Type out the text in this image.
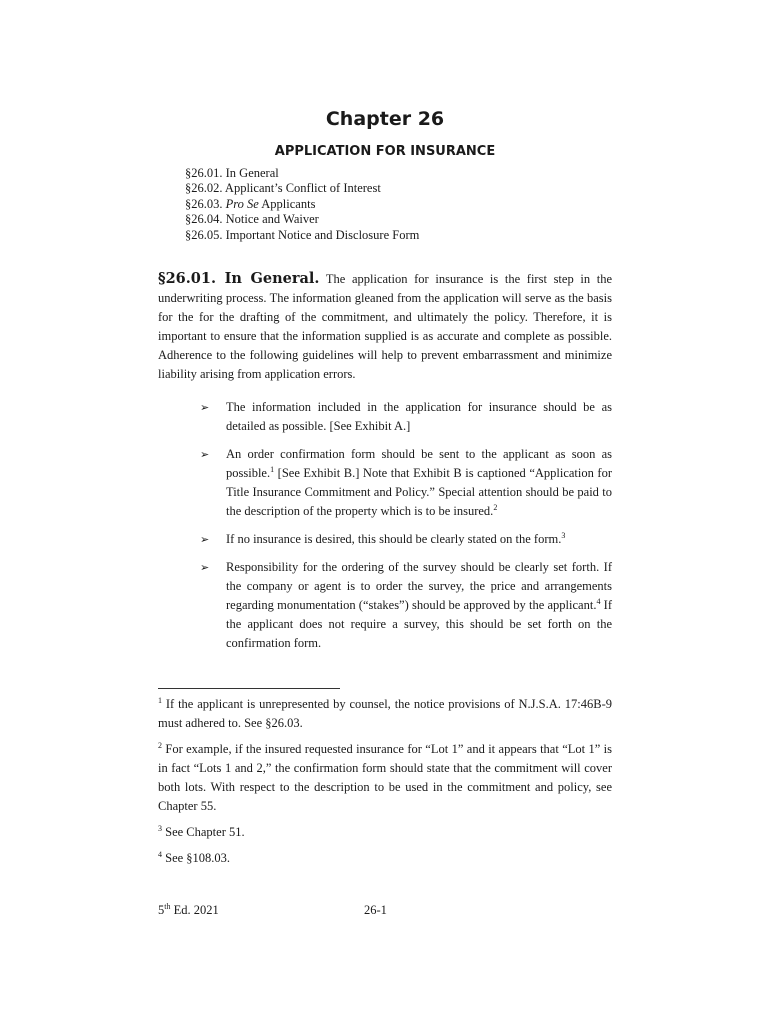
Chapter 26
APPLICATION FOR INSURANCE
§26.01. In General
§26.02. Applicant’s Conflict of Interest
§26.03. Pro Se Applicants
§26.04. Notice and Waiver
§26.05. Important Notice and Disclosure Form
§26.01. In General. The application for insurance is the first step in the underwriting process. The information gleaned from the application will serve as the basis for the for the drafting of the commitment, and ultimately the policy. Therefore, it is important to ensure that the information supplied is as accurate and complete as possible. Adherence to the following guidelines will help to prevent embarrassment and minimize liability arising from application errors.
➢ The information included in the application for insurance should be as detailed as possible. [See Exhibit A.]
➢ An order confirmation form should be sent to the applicant as soon as possible.$^1$ [See Exhibit B.] Note that Exhibit B is captioned “Application for Title Insurance Commitment and Policy.” Special attention should be paid to the description of the property which is to be insured.$^2$
➢ If no insurance is desired, this should be clearly stated on the form.$^3$
➢ Responsibility for the ordering of the survey should be clearly set forth. If the company or agent is to order the survey, the price and arrangements regarding monumentation (“stakes”) should be approved by the applicant.$^4$ If the applicant does not require a survey, this should be set forth on the confirmation form.
$^1$ If the applicant is unrepresented by counsel, the notice provisions of N.J.S.A. 17:46B-9 must adhered to. See §26.03.
$^2$ For example, if the insured requested insurance for “Lot 1” and it appears that “Lot 1” is in fact “Lots 1 and 2,” the confirmation form should state that the commitment will cover both lots. With respect to the description to be used in the commitment and policy, see Chapter 55.
$^3$ See Chapter 51.
$^4$ See §108.03.
5th Ed. 2021	26-1
